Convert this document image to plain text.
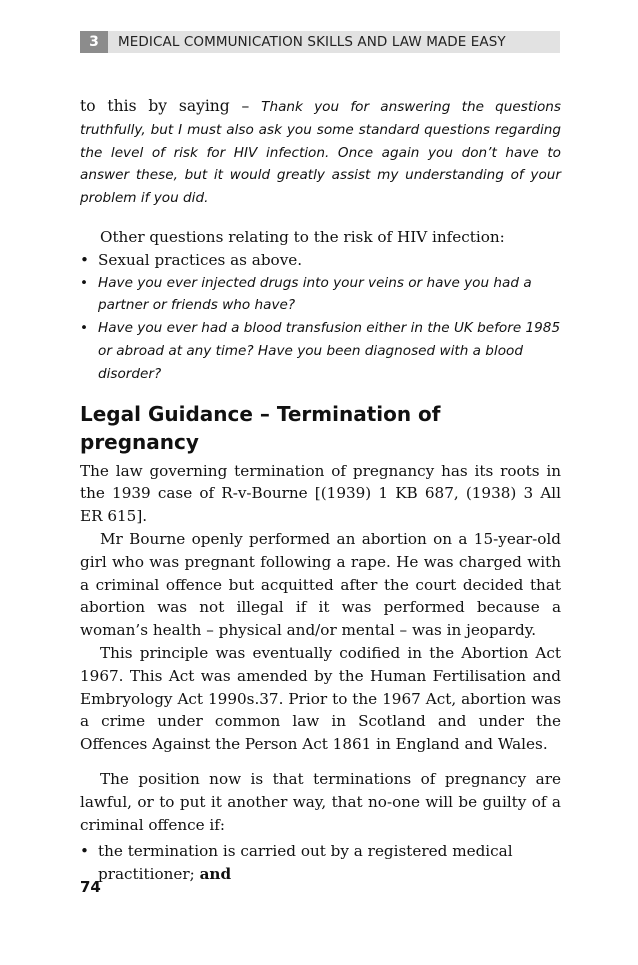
3	MEDICAL COMMUNICATION SKILLS AND LAW MADE EASY

to this by saying – Thank you for answering the questions truthfully, but I must also ask you some standard questions regarding the level of risk for HIV infection. Once again you don’t have to answer these, but it would greatly assist my understanding of your problem if you did.

Other questions relating to the risk of HIV infection:

• Sexual practices as above.
• Have you ever injected drugs into your veins or have you had a partner or friends who have?
• Have you ever had a blood transfusion either in the UK before 1985 or abroad at any time? Have you been diagnosed with a blood disorder?
Legal Guidance – Termination of pregnancy

The law governing termination of pregnancy has its roots in the 1939 case of R-v-Bourne [(1939) 1 KB 687, (1938) 3 All ER 615].

Mr Bourne openly performed an abortion on a 15-year-old girl who was pregnant following a rape. He was charged with a criminal offence but acquitted after the court decided that abortion was not illegal if it was performed because a woman’s health – physical and/or mental – was in jeopardy.

This principle was eventually codified in the Abortion Act 1967. This Act was amended by the Human Fertilisation and Embryology Act 1990s.37. Prior to the 1967 Act, abortion was a crime under common law in Scotland and under the Offences Against the Person Act 1861 in England and Wales.

The position now is that terminations of pregnancy are lawful, or to put it another way, that no-one will be guilty of a criminal offence if:

• the termination is carried out by a registered medical practitioner; and
74
